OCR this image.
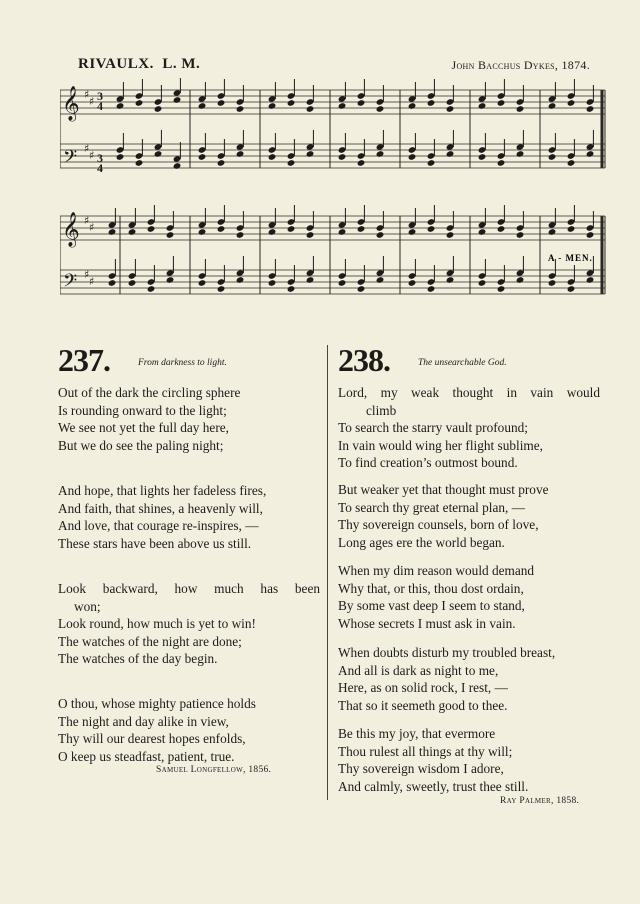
RIVAULX. L. M.	John Bacchus Dykes, 1874.
𝄞
𝄢
𝄞
𝄢
♯
♯
♯
♯
♯
♯
♯
♯
3
4
3
4
A - MEN.
237.	From darkness to light.
Out of the dark the circling sphere
Is rounding onward to the light;
We see not yet the full day here,
But we do see the paling night;
And hope, that lights her fadeless fires,
And faith, that shines, a heavenly will,
And love, that courage re-inspires, —
These stars have been above us still.
Look backward, how much has been
won;
Look round, how much is yet to win!
The watches of the night are done;
The watches of the day begin.
O thou, whose mighty patience holds
The night and day alike in view,
Thy will our dearest hopes enfolds,
O keep us steadfast, patient, true.
Samuel Longfellow, 1856.
238.	The unsearchable God.
Lord, my weak thought in vain would
climb
To search the starry vault profound;
In vain would wing her flight sublime,
To find creation’s outmost bound.
But weaker yet that thought must prove
To search thy great eternal plan, —
Thy sovereign counsels, born of love,
Long ages ere the world began.
When my dim reason would demand
Why that, or this, thou dost ordain,
By some vast deep I seem to stand,
Whose secrets I must ask in vain.
When doubts disturb my troubled breast,
And all is dark as night to me,
Here, as on solid rock, I rest, —
That so it seemeth good to thee.
Be this my joy, that evermore
Thou rulest all things at thy will;
Thy sovereign wisdom I adore,
And calmly, sweetly, trust thee still.
Ray Palmer, 1858.
